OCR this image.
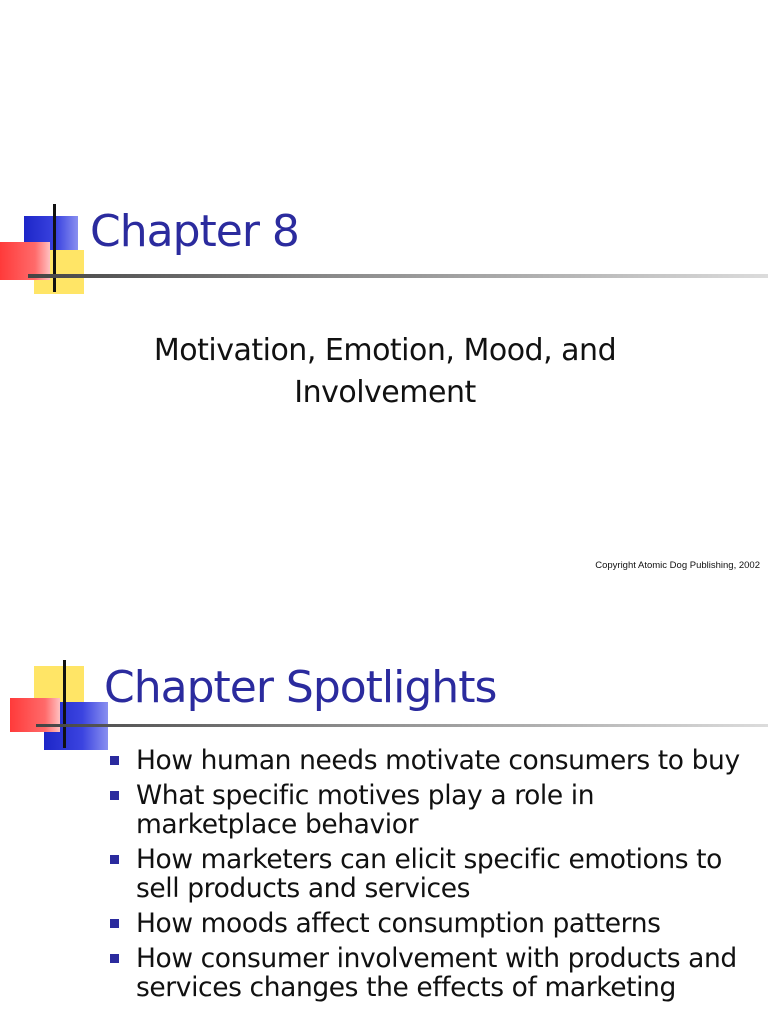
Chapter 8
Motivation, Emotion, Mood, and Involvement
Copyright Atomic Dog Publishing, 2002
Chapter Spotlights
How human needs motivate consumers to buy
What specific motives play a role in marketplace behavior
How marketers can elicit specific emotions to sell products and services
How moods affect consumption patterns
How consumer involvement with products and services changes the effects of marketing
